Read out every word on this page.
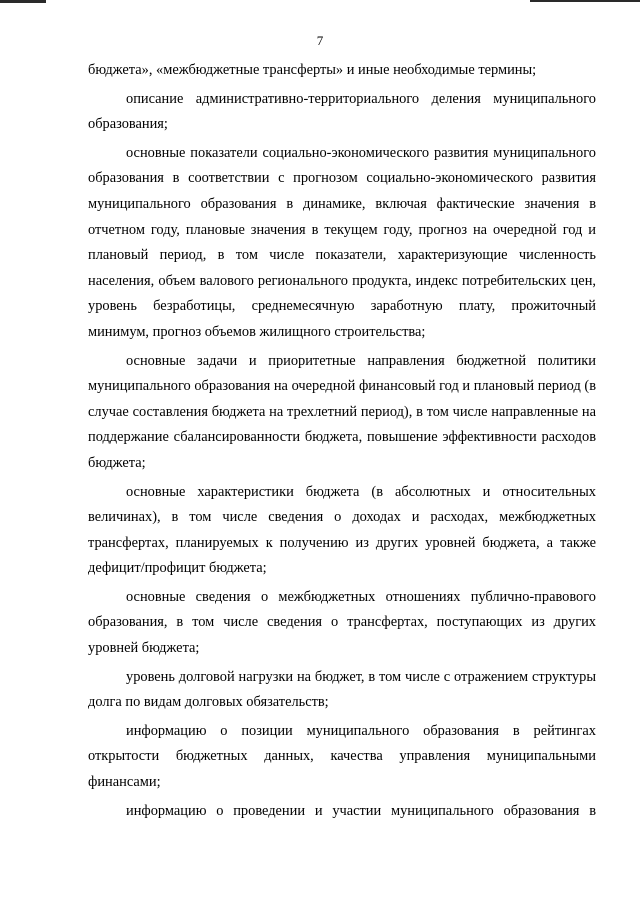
7

бюджета», «межбюджетные трансферты» и иные необходимые термины;

описание административно-территориального деления муниципального образования;

основные показатели социально-экономического развития муниципального образования в соответствии с прогнозом социально-экономического развития муниципального образования в динамике, включая фактические значения в отчетном году, плановые значения в текущем году, прогноз на очередной год и плановый период, в том числе показатели, характеризующие численность населения, объем валового регионального продукта, индекс потребительских цен, уровень безработицы, среднемесячную заработную плату, прожиточный минимум, прогноз объемов жилищного строительства;

основные задачи и приоритетные направления бюджетной политики муниципального образования на очередной финансовый год и плановый период (в случае составления бюджета на трехлетний период), в том числе направленные на поддержание сбалансированности бюджета, повышение эффективности расходов бюджета;

основные характеристики бюджета (в абсолютных и относительных величинах), в том числе сведения о доходах и расходах, межбюджетных трансфертах, планируемых к получению из других уровней бюджета, а также дефицит/профицит бюджета;

основные сведения о межбюджетных отношениях публично-правового образования, в том числе сведения о трансфертах, поступающих из других уровней бюджета;

уровень долговой нагрузки на бюджет, в том числе с отражением структуры долга по видам долговых обязательств;

информацию о позиции муниципального образования в рейтингах открытости бюджетных данных, качества управления муниципальными финансами;

информацию о проведении и участии муниципального образования в
